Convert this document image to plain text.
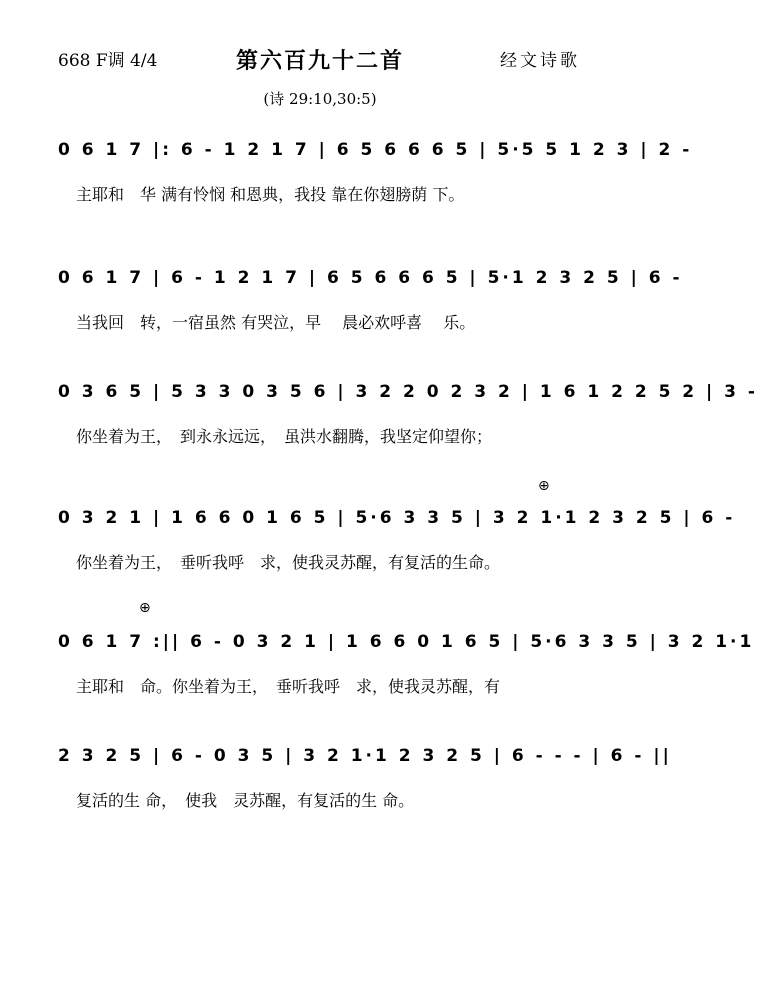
668 F调 4/4	第六百九十二首	经文诗歌
(诗 29:10,30:5)
0 6 1 7 |: 6 - 1 2 1 7 | 6 5 6 6 6 5 | 5·5 5 1 2 3 | 2 -
主耶和　华 满有怜悯 和恩典，我投 靠在你翅膀荫 下。
0 6 1 7 | 6 - 1 2 1 7 | 6 5 6 6 6 5 | 5·1 2 3 2 5 | 6 -
当我回　转，一宿虽然 有哭泣，早　 晨必欢呼喜　 乐。
0 3 6 5 | 5 3 3 0 3 5 6 | 3 2 2 0 2 3 2 | 1 6 1 2 2 5 2 | 3 -
你坐着为王，　到永永远远，　虽洪水翻腾，我坚定仰望你；
⊕
0 3 2 1 | 1 6 6 0 1 6 5 | 5·6 3 3 5 | 3 2 1·1 2 3 2 5 | 6 -
你坐着为王，　垂听我呼　求，使我灵苏醒，有复活的生命。
⊕
0 6 1 7 :|| 6 - 0 3 2 1 | 1 6 6 0 1 6 5 | 5·6 3 3 5 | 3 2 1·1
主耶和　命。你坐着为王，　垂听我呼　求，使我灵苏醒，有
2 3 2 5 | 6 - 0 3 5 | 3 2 1·1 2 3 2 5 | 6 - - - | 6 - ||
复活的生 命，　使我　灵苏醒，有复活的生 命。
